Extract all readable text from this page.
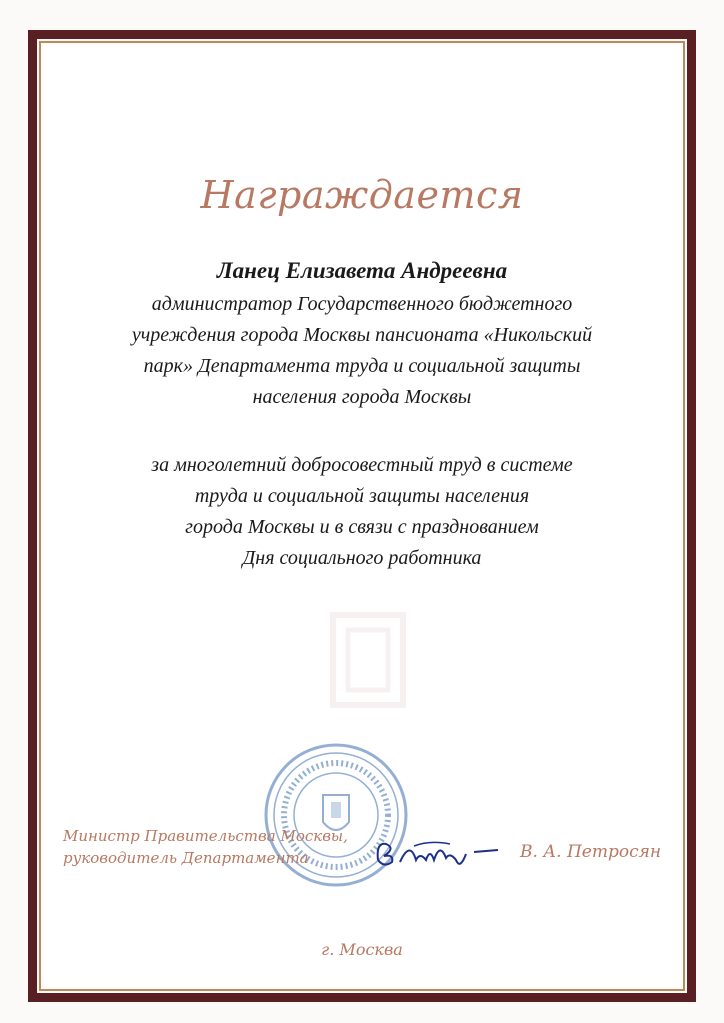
Награждается
Ланец Елизавета Андреевна
администратор Государственного бюджетного
учреждения города Москвы пансионата «Никольский
парк» Департамента труда и социальной защиты
населения города Москвы
за многолетний добросовестный труд в системе
труда и социальной защиты населения
города Москвы и в связи с празднованием
Дня социального работника
Министр Правительства Москвы,
руководитель Департамента	В. А. Петросян
г. Москва
